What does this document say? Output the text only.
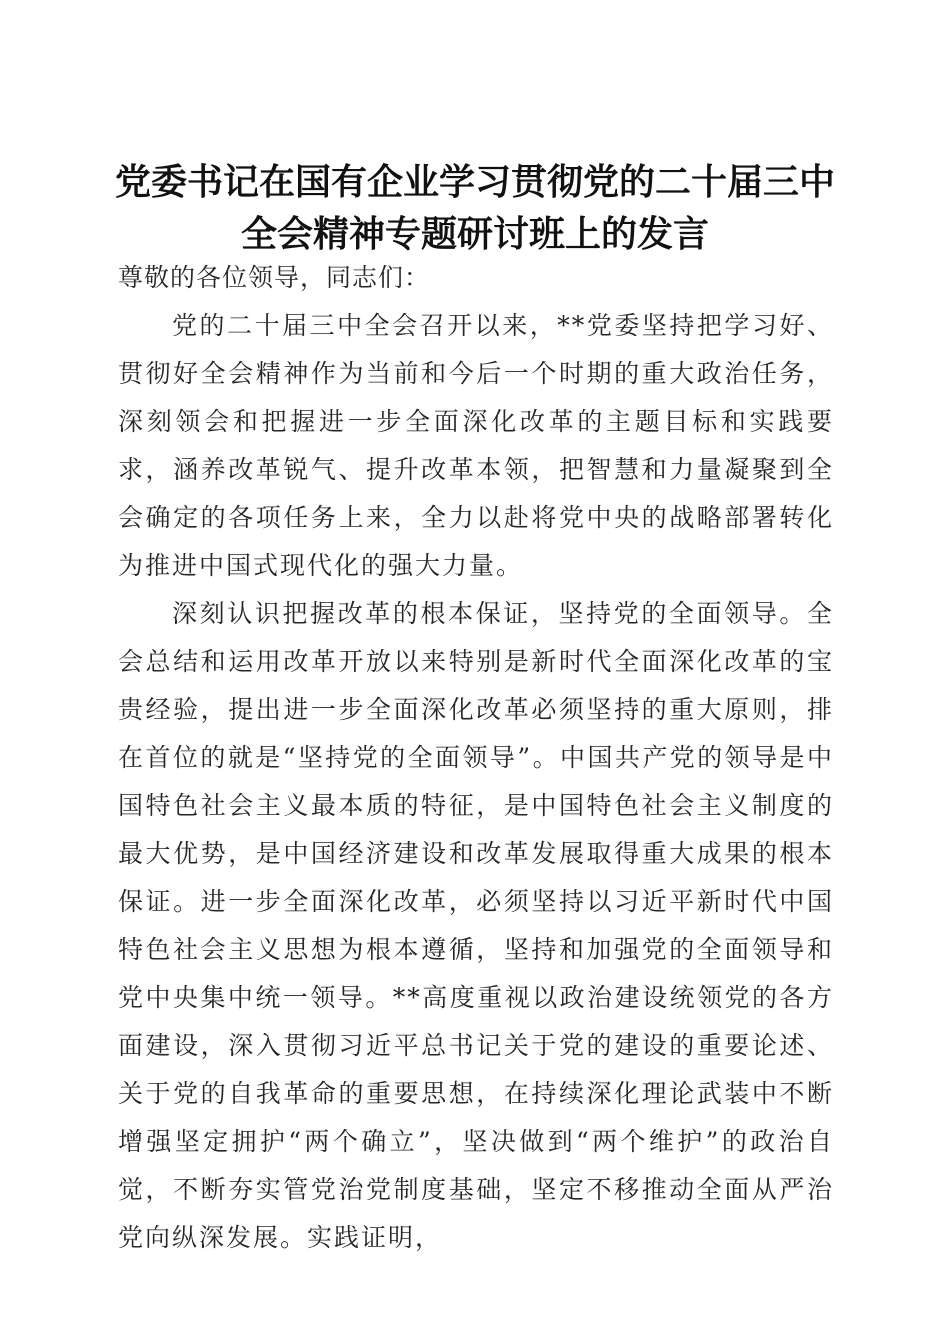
党委书记在国有企业学习贯彻党的二十届三中
全会精神专题研讨班上的发言

尊敬的各位领导，同志们：

党的二十届三中全会召开以来，**党委坚持把学习好、贯彻好全会精神作为当前和今后一个时期的重大政治任务，深刻领会和把握进一步全面深化改革的主题目标和实践要求，涵养改革锐气、提升改革本领，把智慧和力量凝聚到全会确定的各项任务上来，全力以赴将党中央的战略部署转化为推进中国式现代化的强大力量。

深刻认识把握改革的根本保证，坚持党的全面领导。全会总结和运用改革开放以来特别是新时代全面深化改革的宝贵经验，提出进一步全面深化改革必须坚持的重大原则，排在首位的就是“坚持党的全面领导”。中国共产党的领导是中国特色社会主义最本质的特征，是中国特色社会主义制度的最大优势，是中国经济建设和改革发展取得重大成果的根本保证。进一步全面深化改革，必须坚持以习近平新时代中国特色社会主义思想为根本遵循，坚持和加强党的全面领导和党中央集中统一领导。**高度重视以政治建设统领党的各方面建设，深入贯彻习近平总书记关于党的建设的重要论述、关于党的自我革命的重要思想，在持续深化理论武装中不断增强坚定拥护“两个确立”，坚决做到“两个维护”的政治自觉，不断夯实管党治党制度基础，坚定不移推动全面从严治党向纵深发展。实践证明，
